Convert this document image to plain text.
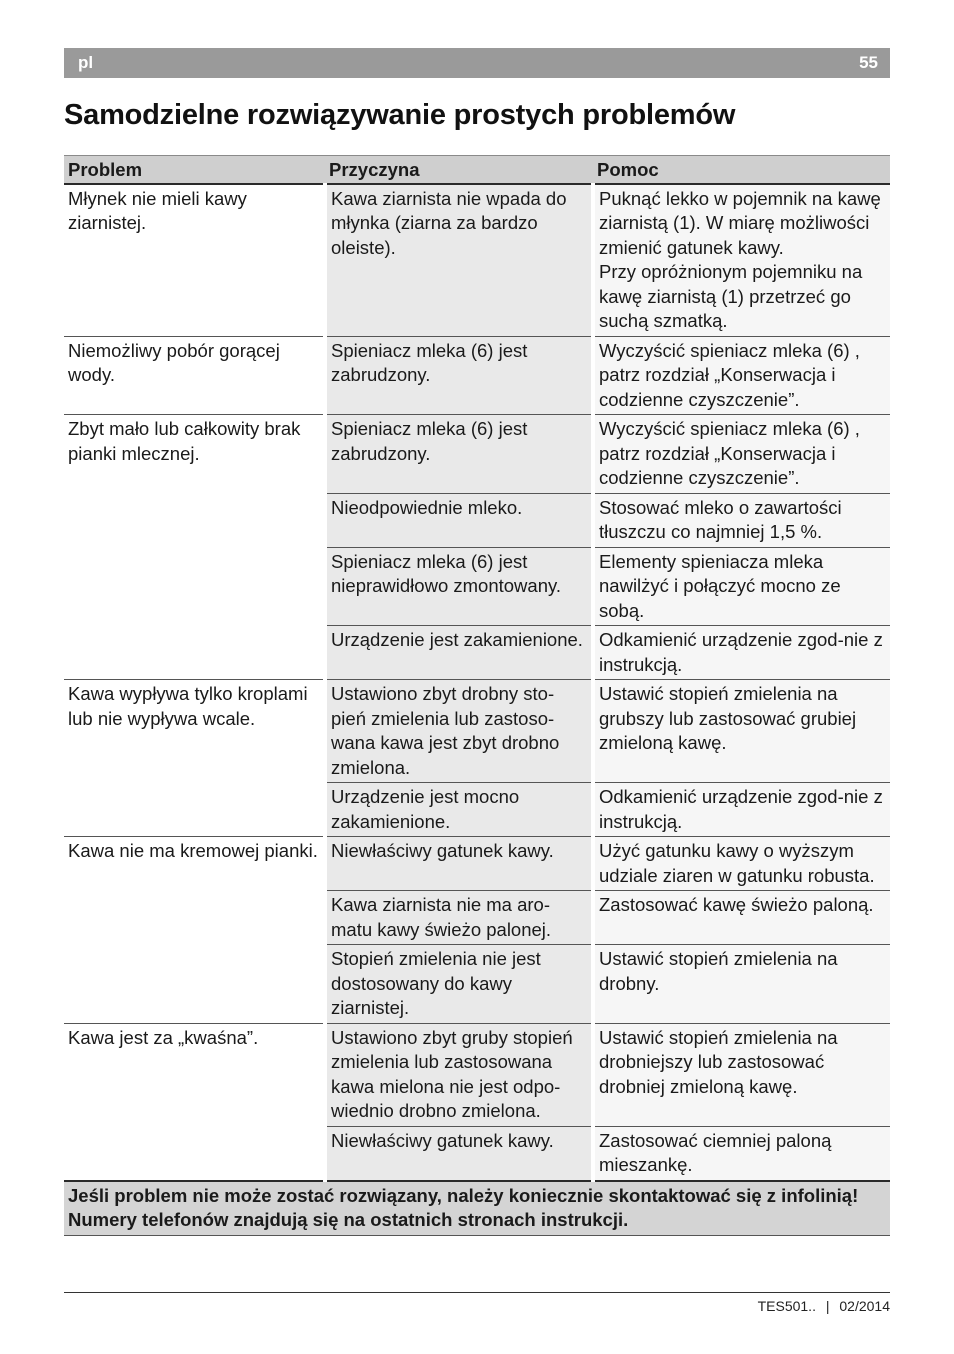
pl	55
Samodzielne rozwiązywanie prostych problemów
Problem	Przyczyna	Pomoc
Młynek nie mieli kawy ziarnistej.	Kawa ziarnista nie wpada do młynka (ziarna za bardzo oleiste).	Puknąć lekko w pojemnik na kawę ziarnistą (1). W miarę możliwości zmienić gatunek kawy.
Przy opróżnionym pojemniku na kawę ziarnistą (1) przetrzeć go suchą szmatką.

Niemożliwy pobór gorącej wody.	Spieniacz mleka (6) jest zabrudzony.	Wyczyścić spieniacz mleka (6) , patrz rozdział „Konserwacja i codzienne czyszczenie”.

Zbyt mało lub całkowity brak pianki mlecznej.	Spieniacz mleka (6) jest zabrudzony.	Wyczyścić spieniacz mleka (6) , patrz rozdział „Konserwacja i codzienne czyszczenie”.

	Nieodpowiednie mleko.	Stosować mleko o zawartości tłuszczu co najmniej 1,5 %.

	Spieniacz mleka (6) jest nieprawidłowo zmontowany.	Elementy spieniacza mleka nawilżyć i połączyć mocno ze sobą.

	Urządzenie jest zakamienione.	Odkamienić urządzenie zgod-nie z instrukcją.

Kawa wypływa tylko kroplami lub nie wypływa wcale.	Ustawiono zbyt drobny sto-pień zmielenia lub zastoso-wana kawa jest zbyt drobno zmielona.	Ustawić stopień zmielenia na grubszy lub zastosować grubiej zmieloną kawę.

	Urządzenie jest mocno zakamienione.	Odkamienić urządzenie zgod-nie z instrukcją.

Kawa nie ma kremowej pianki.	Niewłaściwy gatunek kawy.	Użyć gatunku kawy o wyższym udziale ziaren w gatunku robusta.

	Kawa ziarnista nie ma aro-matu kawy świeżo palonej.	Zastosować kawę świeżo paloną.

	Stopień zmielenia nie jest dostosowany do kawy ziarnistej.	Ustawić stopień zmielenia na drobny.

Kawa jest za „kwaśna”.	Ustawiono zbyt gruby stopień zmielenia lub zastosowana kawa mielona nie jest odpo-wiednio drobno zmielona.	Ustawić stopień zmielenia na drobniejszy lub zastosować drobniej zmieloną kawę.

	Niewłaściwy gatunek kawy.	Zastosować ciemniej paloną mieszankę.

Jeśli problem nie może zostać rozwiązany, należy koniecznie skontaktować się z infolinią! Numery telefonów znajdują się na ostatnich stronach instrukcji.		
TES501.. | 02/2014
